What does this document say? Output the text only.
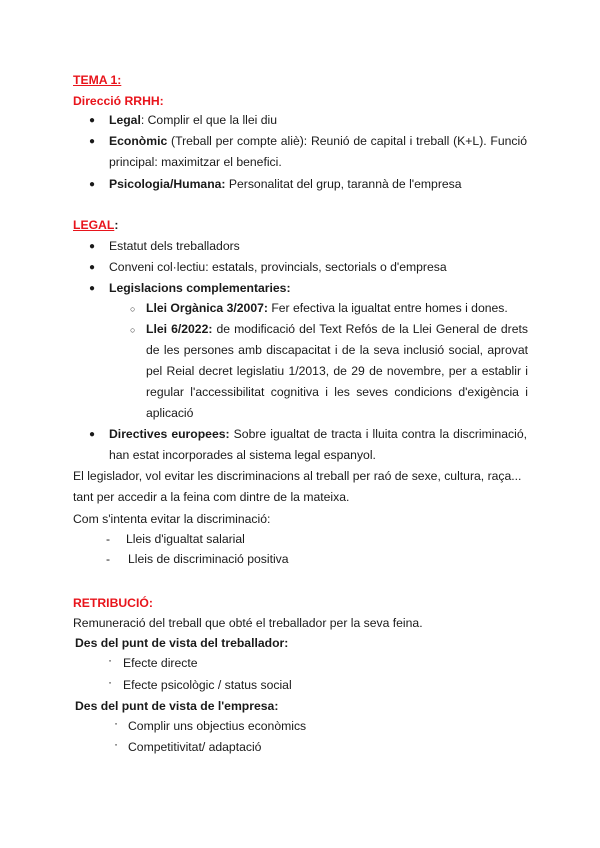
TEMA 1:
Direcció RRHH:
● Legal: Complir el que la llei diu
● Econòmic (Treball per compte aliè): Reunió de capital i treball (K+L). Funció principal: maximitzar el benefici.
● Psicologia/Humana: Personalitat del grup, tarannà de l'empresa
LEGAL:
● Estatut dels treballadors
● Conveni col·lectiu: estatals, provincials, sectorials o d'empresa
● Legislacions complementaries:
○ Llei Orgànica 3/2007: Fer efectiva la igualtat entre homes i dones.
○ Llei 6/2022: de modificació del Text Refós de la Llei General de drets de les persones amb discapacitat i de la seva inclusió social, aprovat pel Reial decret legislatiu 1/2013, de 29 de novembre, per a establir i regular l'accessibilitat cognitiva i les seves condicions d'exigència i aplicació
● Directives europees: Sobre igualtat de tracta i lluita contra la discriminació, han estat incorporades al sistema legal espanyol.
El legislador, vol evitar les discriminacions al treball per raó de sexe, cultura, raça... tant per accedir a la feina com dintre de la mateixa.
Com s'intenta evitar la discriminació:
- Lleis d'igualtat salarial
- Lleis de discriminació positiva
RETRIBUCIÓ:
Remuneració del treball que obté el treballador per la seva feina.
Des del punt de vista del treballador:
· Efecte directe
· Efecte psicològic / status social
Des del punt de vista de l'empresa:
· Complir uns objectius econòmics
· Competitivitat/ adaptació
